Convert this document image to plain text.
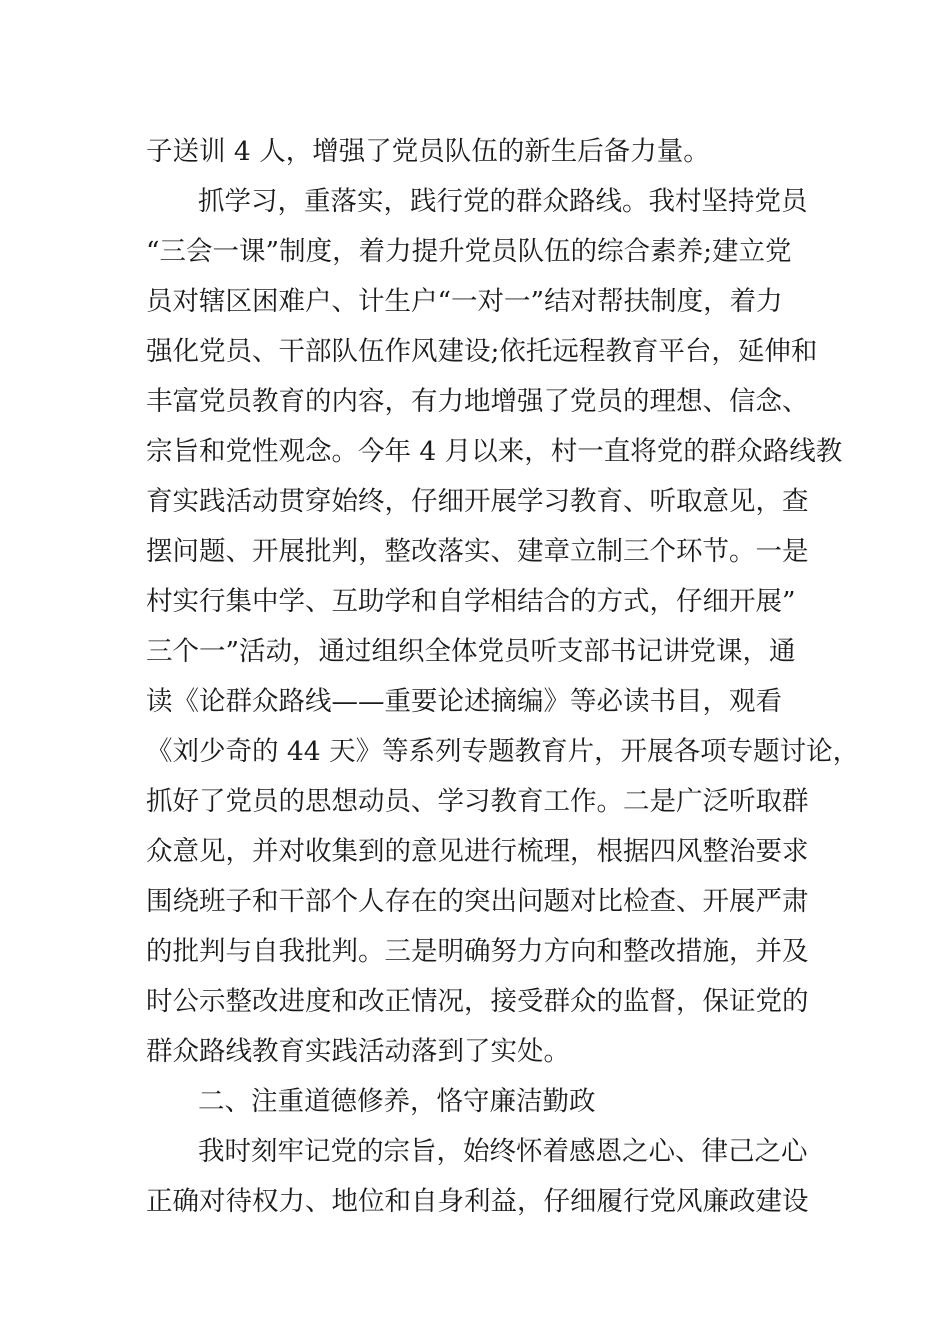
子送训 4 人，增强了党员队伍的新生后备力量。
抓学习，重落实，践行党的群众路线。我村坚持党员
“三会一课”制度，着力提升党员队伍的综合素养;建立党
员对辖区困难户、计生户“一对一”结对帮扶制度，着力
强化党员、干部队伍作风建设;依托远程教育平台，延伸和
丰富党员教育的内容，有力地增强了党员的理想、信念、
宗旨和党性观念。今年 4 月以来，村一直将党的群众路线教
育实践活动贯穿始终，仔细开展学习教育、听取意见，查
摆问题、开展批判，整改落实、建章立制三个环节。一是
村实行集中学、互助学和自学相结合的方式，仔细开展”
三个一”活动，通过组织全体党员听支部书记讲党课，通
读《论群众路线——重要论述摘编》等必读书目，观看
《刘少奇的 44 天》等系列专题教育片，开展各项专题讨论，
抓好了党员的思想动员、学习教育工作。二是广泛听取群
众意见，并对收集到的意见进行梳理，根据四风整治要求
围绕班子和干部个人存在的突出问题对比检查、开展严肃
的批判与自我批判。三是明确努力方向和整改措施，并及
时公示整改进度和改正情况，接受群众的监督，保证党的
群众路线教育实践活动落到了实处。
二、注重道德修养，恪守廉洁勤政
我时刻牢记党的宗旨，始终怀着感恩之心、律己之心
正确对待权力、地位和自身利益，仔细履行党风廉政建设
